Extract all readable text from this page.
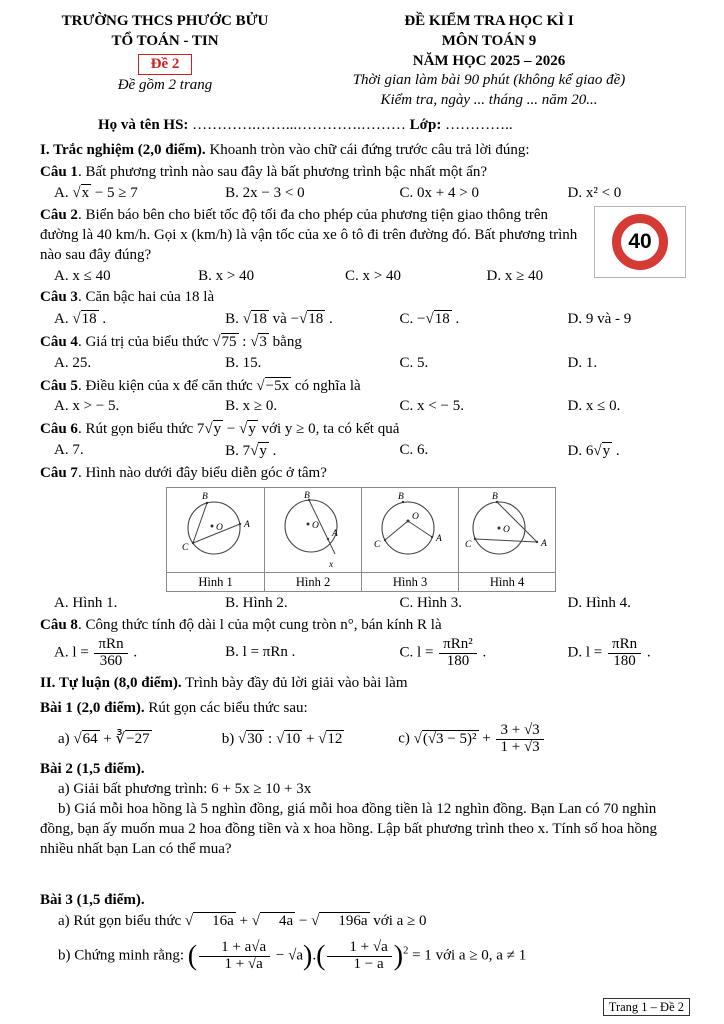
TRƯỜNG THCS PHƯỚC BỬU
TỔ TOÁN - TIN
Đề 2
Đề gồm 2 trang
ĐỀ KIỂM TRA HỌC KÌ I
MÔN TOÁN 9
NĂM HỌC 2025 – 2026
Thời gian làm bài 90 phút (không kể giao đề)
Kiểm tra, ngày ... tháng ... năm 20...
Họ và tên HS: ………….……...………….……… Lớp: …………..

I. Trắc nghiệm (2,0 điểm). Khoanh tròn vào chữ cái đứng trước câu trả lời đúng:

Câu 1. Bất phương trình nào sau đây là bất phương trình bậc nhất một ẩn?

A. √x − 5 ≥ 7	B. 2x − 3 < 0	C. 0x + 4 > 0	D. x² < 0
40

Câu 2. Biển báo bên cho biết tốc độ tối đa cho phép của phương tiện giao thông trên đường là 40 km/h. Gọi x (km/h) là vận tốc của xe ô tô đi trên đường đó. Bất phương trình nào sau đây đúng?

A. x ≤ 40	B. x > 40	C. x > 40	D. x ≥ 40

Câu 3. Căn bậc hai của 18 là

A. √18 .	B. √18 và −√18 .	C. −√18 .	D. 9 và - 9

Câu 4. Giá trị của biểu thức √75 : √3 bằng

A. 25.	B. 15.	C. 5.	D. 1.

Câu 5. Điều kiện của x để căn thức √−5x có nghĩa là

A. x > − 5.	B. x ≥ 0.	C. x < − 5.	D. x ≤ 0.

Câu 6. Rút gọn biểu thức 7√y − √y với y ≥ 0, ta có kết quả

A. 7.	B. 7√y .	C. 6.	D. 6√y .

Câu 7. Hình nào dưới đây biểu diễn góc ở tâm?

B
A
C
O
Hình 1
B
A
x
O
Hình 2
B
A
C
O
Hình 3
B
A
C
O
Hình 4
A. Hình 1.	B. Hình 2.	C. Hình 3.	D. Hình 4.

Câu 8. Công thức tính độ dài l của một cung tròn n°, bán kính R là

A. $l = \frac{\text{πRn}}{360}$ .	B. l = πRn .	C. $l = \frac{\text{πRn²}}{180}$ .	D. $l = \frac{\text{πRn}}{180}$ .

II. Tự luận (8,0 điểm). Trình bày đầy đủ lời giải vào bài làm

Bài 1 (2,0 điểm). Rút gọn các biểu thức sau:

a) √64 + ∛−27	b) √30 : √10 + √12	c) $√(√3 - 5)^2 + \frac{3 + √3}{1 + √3}$

Bài 2 (1,5 điểm).

a) Giải bất phương trình: 6 + 5x ≥ 10 + 3x

b) Giá mỗi hoa hồng là 5 nghìn đồng, giá mỗi hoa đồng tiền là 12 nghìn đồng. Bạn Lan có 70 nghìn đồng, bạn ấy muốn mua 2 hoa đồng tiền và x hoa hồng. Lập bất phương trình theo x. Tính số hoa hồng nhiều nhất bạn Lan có thể mua?

Bài 3 (1,5 điểm).

a) Rút gọn biểu thức √ 16a + √ 4a − √ 196a với a ≥ 0

b) Chứng minh rằng: ( $\frac{1 + a√a}{1 + √a} - √a).( \frac{1 + √a}{1 - a} )^2 = 1$ với a ≥ 0, a ≠ 1

Trang 1 – Đề 2
